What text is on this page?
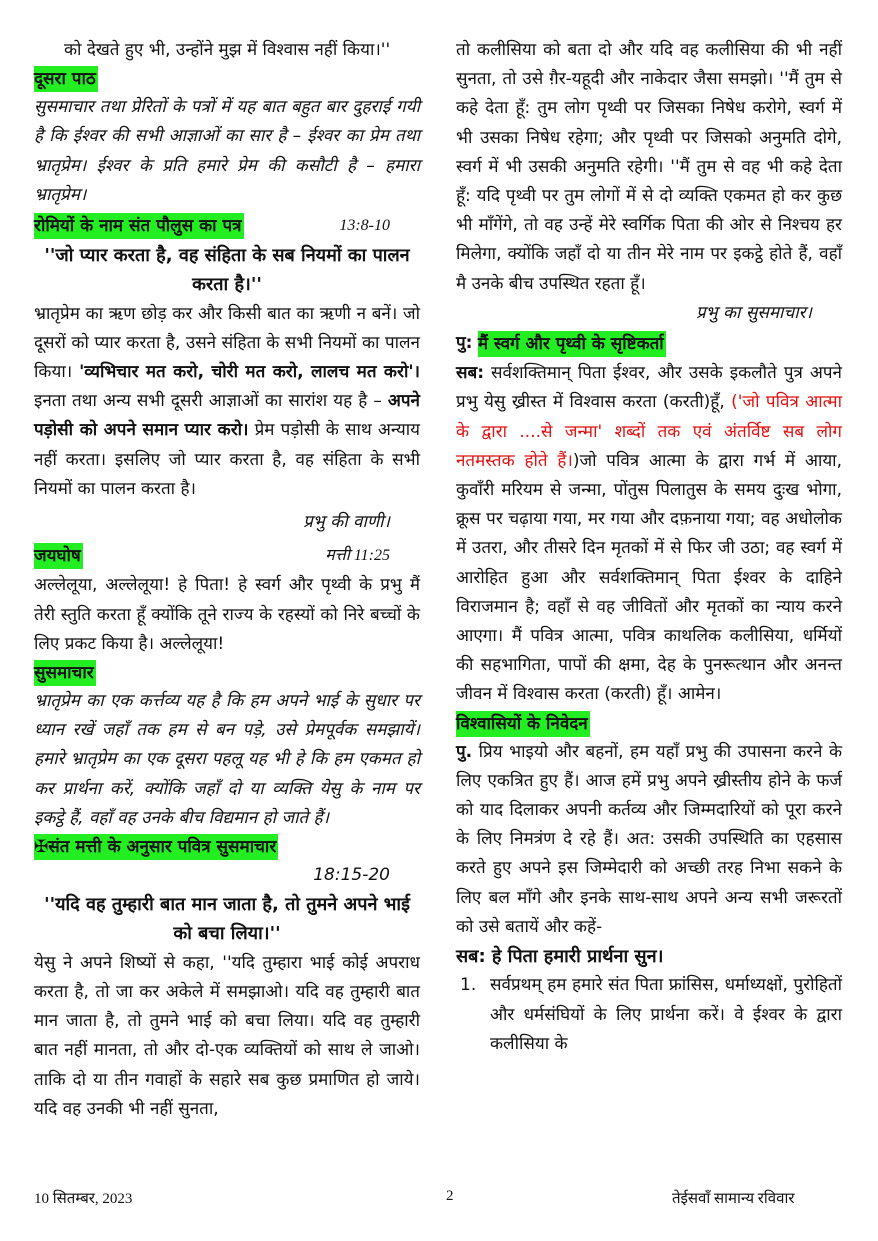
को देखते हुए भी, उन्होंने मुझ में विश्वास नहीं किया।''

दूसरा पाठ

सुसमाचार तथा प्रेरितों के पत्रों में यह बात बहुत बार दुहराई गयी है कि ईश्वर की सभी आज्ञाओं का सार है – ईश्वर का प्रेम तथा भ्रातृप्रेम। ईश्वर के प्रति हमारे प्रेम की कसौटी है – हमारा भ्रातृप्रेम।

रोमियों के नाम संत पौलुस का पत्र	13:8-10

''जो प्यार करता है, वह संहिता के सब नियमों का पालन करता है।''

भ्रातृप्रेम का ऋण छोड़ कर और किसी बात का ऋणी न बनें। जो दूसरों को प्यार करता है, उसने संहिता के सभी नियमों का पालन किया। 'व्यभिचार मत करो, चोरी मत करो, लालच मत करो'। इनता तथा अन्य सभी दूसरी आज्ञाओं का सारांश यह है – अपने पड़ोसी को अपने समान प्यार करो। प्रेम पड़ोसी के साथ अन्याय नहीं करता। इसलिए जो प्यार करता है, वह संहिता के सभी नियमों का पालन करता है।

प्रभु की वाणी।

जयघोष	मत्ती 11:25

अल्लेलूया, अल्लेलूया! हे पिता! हे स्वर्ग और पृथ्वी के प्रभु मैं तेरी स्तुति करता हूँ क्योंकि तूने राज्य के रहस्यों को निरे बच्चों के लिए प्रकट किया है। अल्लेलूया!

सुसमाचार

भ्रातृप्रेम का एक कर्त्तव्य यह है कि हम अपने भाई के सुधार पर ध्यान रखें जहाँ तक हम से बन पड़े, उसे प्रेमपूर्वक समझायें। हमारे भ्रातृप्रेम का एक दूसरा पहलू यह भी हे कि हम एकमत हो कर प्रार्थना करें, क्योंकि जहाँ दो या व्यक्ति येसु के नाम पर इकट्ठे हैं, वहाँ वह उनके बीच विद्यमान हो जाते हैं।

✠संत मत्ती के अनुसार पवित्र सुसमाचार

18:15-20

''यदि वह तुम्हारी बात मान जाता है, तो तुमने अपने भाई को बचा लिया।''

येसु ने अपने शिष्यों से कहा, ''यदि तुम्हारा भाई कोई अपराध करता है, तो जा कर अकेले में समझाओ। यदि वह तुम्हारी बात मान जाता है, तो तुमने भाई को बचा लिया। यदि वह तुम्हारी बात नहीं मानता, तो और दो-एक व्यक्तियों को साथ ले जाओ। ताकि दो या तीन गवाहों के सहारे सब कुछ प्रमाणित हो जाये। यदि वह उनकी भी नहीं सुनता,

तो कलीसिया को बता दो और यदि वह कलीसिया की भी नहीं सुनता, तो उसे ग़ैर-यहूदी और नाकेदार जैसा समझो। ''मैं तुम से कहे देता हूँ: तुम लोग पृथ्वी पर जिसका निषेध करोगे, स्वर्ग में भी उसका निषेध रहेगा; और पृथ्वी पर जिसको अनुमति दोगे, स्वर्ग में भी उसकी अनुमति रहेगी। ''मैं तुम से वह भी कहे देता हूँ: यदि पृथ्वी पर तुम लोगों में से दो व्यक्ति एकमत हो कर कुछ भी माँगेंगे, तो वह उन्हें मेरे स्वर्गिक पिता की ओर से निश्चय हर मिलेगा, क्योंकि जहाँ दो या तीन मेरे नाम पर इकट्ठे होते हैं, वहाँ मै उनके बीच उपस्थित रहता हूँ।

प्रभु का सुसमाचार।

पु:
मैं स्वर्ग और पृथ्वी के सृष्टिकर्ता

सब: सर्वशक्तिमान् पिता ईश्वर, और उसके इकलौते पुत्र अपने प्रभु येसु ख्रीस्त में विश्वास करता (करती)हूँ, ('जो पवित्र आत्मा के द्वारा ....से जन्मा' शब्दों तक एवं अंतर्विष्ट सब लोग नतमस्तक होते हैं।)जो पवित्र आत्मा के द्वारा गर्भ में आया, कुवाँरी मरियम से जन्मा, पोंतुस पिलातुस के समय दुःख भोगा, क्रूस पर चढ़ाया गया, मर गया और दफ़नाया गया; वह अधोलोक में उतरा, और तीसरे दिन मृतकों में से फिर जी उठा; वह स्वर्ग में आरोहित हुआ और सर्वशक्तिमान् पिता ईश्वर के दाहिने विराजमान है; वहाँ से वह जीवितों और मृतकों का न्याय करने आएगा। मैं पवित्र आत्मा, पवित्र काथलिक कलीसिया, धर्मियों की सहभागिता, पापों की क्षमा, देह के पुनरूत्थान और अनन्त जीवन में विश्वास करता (करती) हूँ। आमेन।

विश्वासियों के निवेदन

पु. प्रिय भाइयो और बहनों, हम यहाँ प्रभु की उपासना करने के लिए एकत्रित हुए हैं। आज हमें प्रभु अपने ख्रीस्तीय होने के फर्ज को याद दिलाकर अपनी कर्तव्य और जिम्मदारियों को पूरा करने के लिए निमत्रंण दे रहे हैं। अत: उसकी उपस्थिति का एहसास करते हुए अपने इस जिम्मेदारी को अच्छी तरह निभा सकने के लिए बल माँगे और इनके साथ-साथ अपने अन्य सभी जरूरतों को उसे बतायें और कहें-

सब: हे पिता हमारी प्रार्थना सुन।

1. सर्वप्रथम् हम हमारे संत पिता फ्रांसिस, धर्माध्यक्षों, पुरोहितों और धर्मसंघियों के लिए प्रार्थना करें। वे ईश्वर के द्वारा कलीसिया के

10 सितम्बर, 2023	2	तेईसवाँ सामान्य रविवार
